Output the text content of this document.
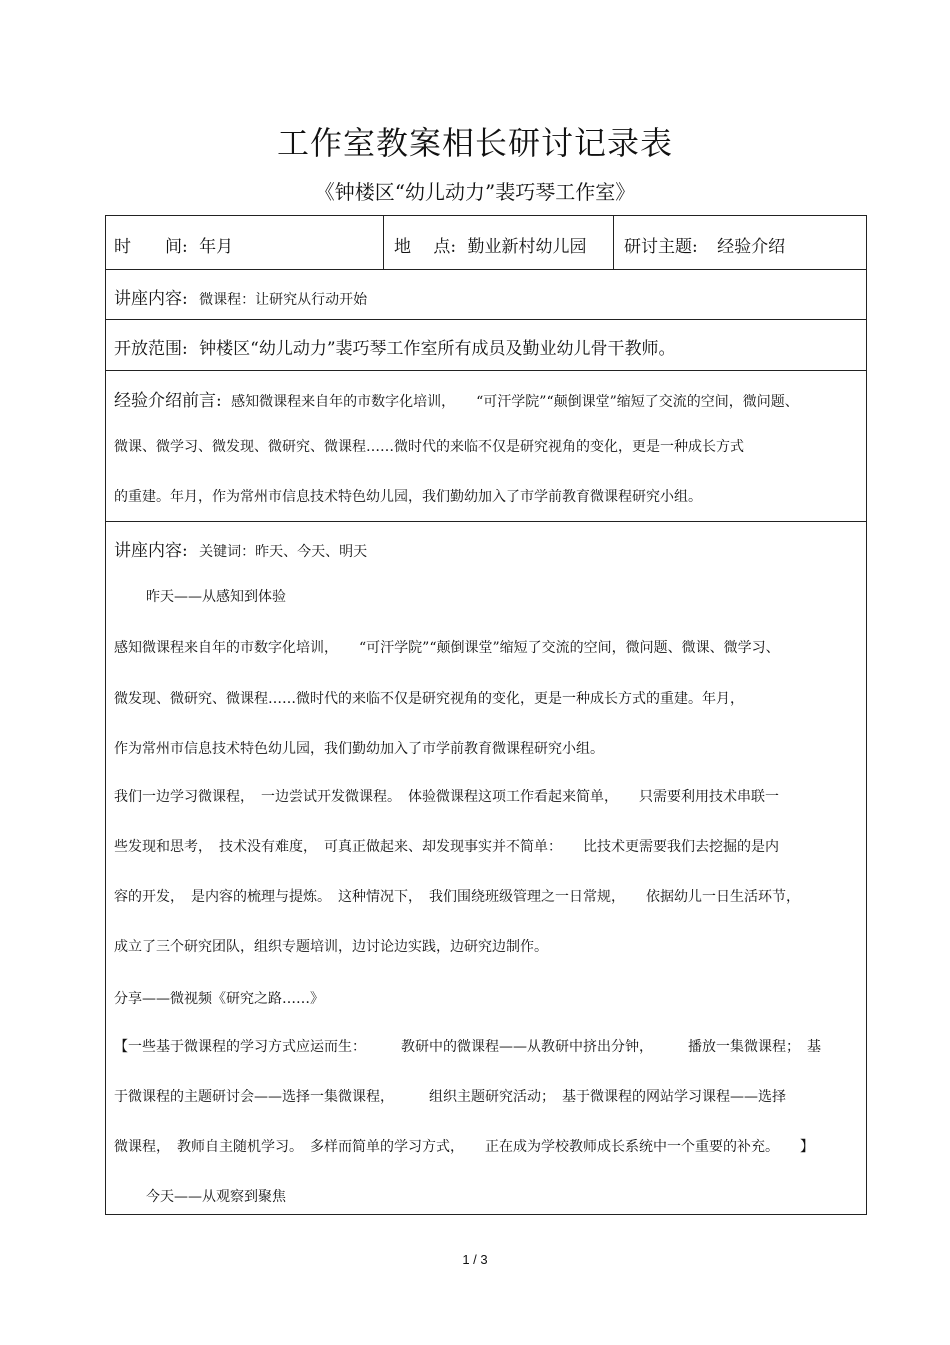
工作室教案相长研讨记录表
《钟楼区“幼儿动力”裴巧琴工作室》
时　　间: 年月	地　 点: 勤业新村幼儿园 研讨主题: 经验介绍
讲座内容: 微课程：让研究从行动开始
开放范围: 钟楼区“幼儿动力”裴巧琴工作室所有成员及勤业幼儿骨干教师。
经验介绍前言: 感知微课程来自年的市数字化培训，　　“可汗学院”“颠倒课堂”缩短了交流的空间，微问题、
微课、微学习、微发现、微研究、微课程……微时代的来临不仅是研究视角的变化，更是一种成长方式
的重建。年月，作为常州市信息技术特色幼儿园，我们勤幼加入了市学前教育微课程研究小组。
讲座内容: 关键词：昨天、今天、明天
昨天——从感知到体验
感知微课程来自年的市数字化培训，　　“可汗学院”“颠倒课堂”缩短了交流的空间，微问题、微课、微学习、
微发现、微研究、微课程……微时代的来临不仅是研究视角的变化，更是一种成长方式的重建。年月，
作为常州市信息技术特色幼儿园，我们勤幼加入了市学前教育微课程研究小组。
我们一边学习微课程，　一边尝试开发微课程。　体验微课程这项工作看起来简单，　　只需要利用技术串联一
些发现和思考，　技术没有难度，　可真正做起来、却发现事实并不简单：　　比技术更需要我们去挖掘的是内
容的开发，　是内容的梳理与提炼。　这种情况下，　我们围绕班级管理之一日常规，　　依据幼儿一日生活环节，
成立了三个研究团队，组织专题培训，边讨论边实践，边研究边制作。
分享——微视频《研究之路……》
【一些基于微课程的学习方式应运而生：　　　教研中的微课程——从教研中挤出分钟，　　　播放一集微课程；　基
于微课程的主题研讨会——选择一集微课程，　　　组织主题研究活动；　基于微课程的网站学习课程——选择
微课程，　教师自主随机学习。　多样而简单的学习方式，　　正在成为学校教师成长系统中一个重要的补充。　　】
今天——从观察到聚焦
1 / 3
